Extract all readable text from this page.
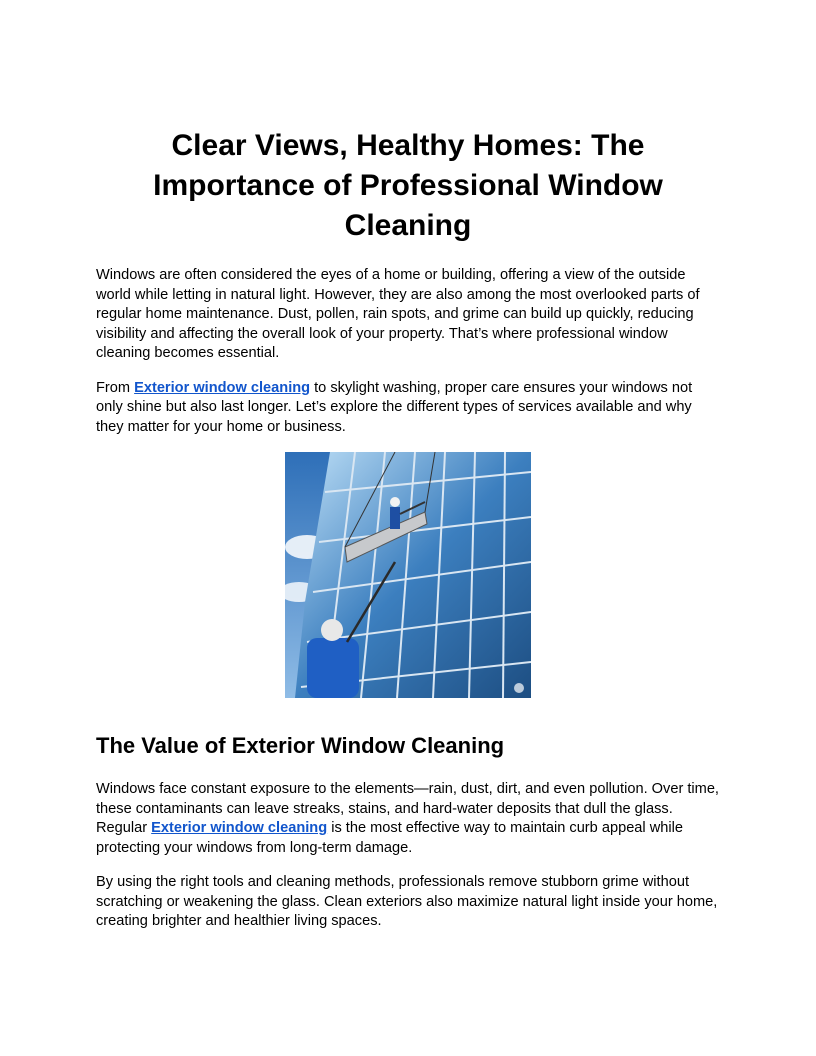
Clear Views, Healthy Homes: The Importance of Professional Window Cleaning

Windows are often considered the eyes of a home or building, offering a view of the outside world while letting in natural light. However, they are also among the most overlooked parts of regular home maintenance. Dust, pollen, rain spots, and grime can build up quickly, reducing visibility and affecting the overall look of your property. That’s where professional window cleaning becomes essential.

From Exterior window cleaning to skylight washing, proper care ensures your windows not only shine but also last longer. Let’s explore the different types of services available and why they matter for your home or business.

The Value of Exterior Window Cleaning

Windows face constant exposure to the elements—rain, dust, dirt, and even pollution. Over time, these contaminants can leave streaks, stains, and hard-water deposits that dull the glass. Regular Exterior window cleaning is the most effective way to maintain curb appeal while protecting your windows from long-term damage.

By using the right tools and cleaning methods, professionals remove stubborn grime without scratching or weakening the glass. Clean exteriors also maximize natural light inside your home, creating brighter and healthier living spaces.
